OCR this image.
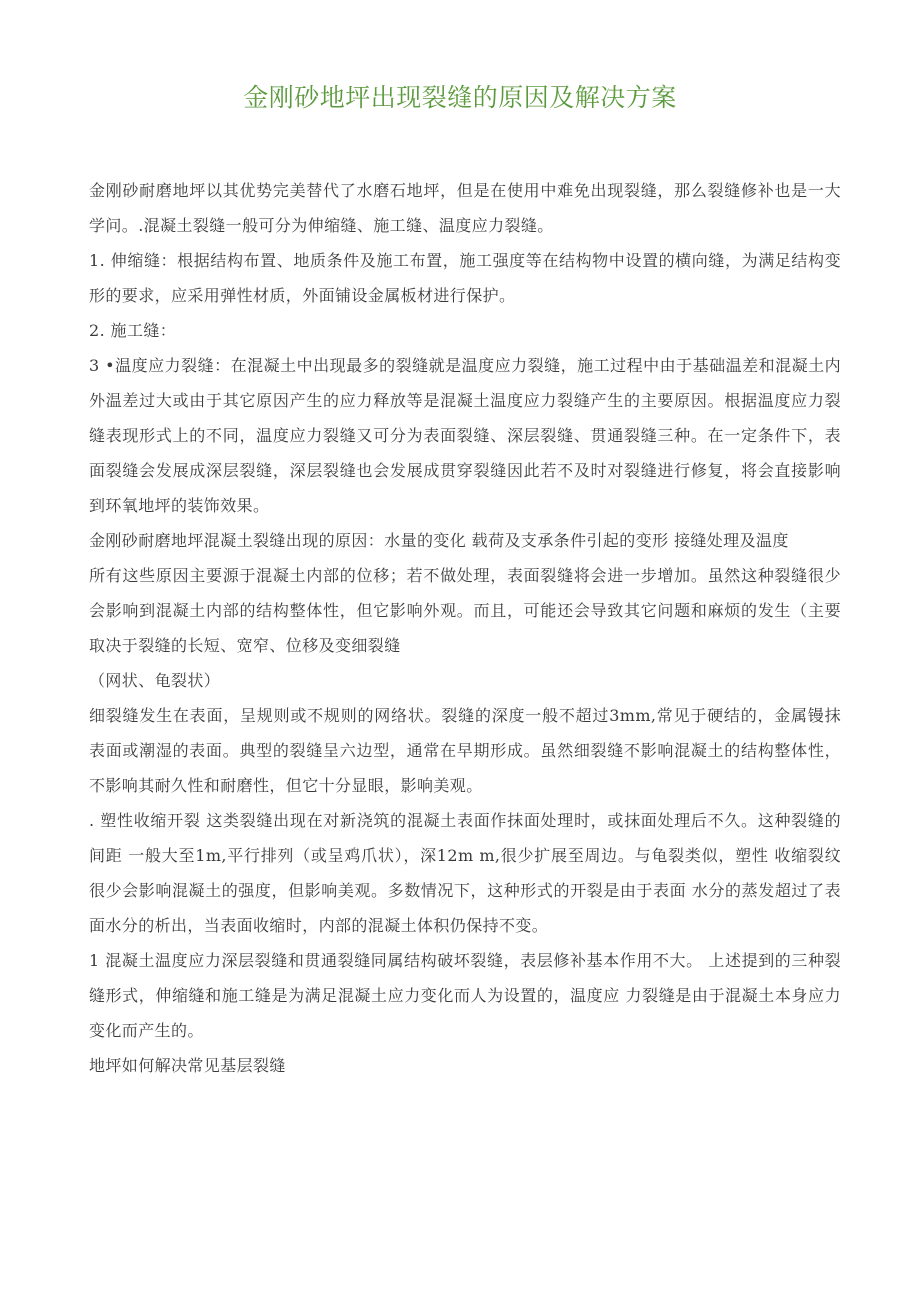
金刚砂地坪出现裂缝的原因及解决方案

金刚砂耐磨地坪以其优势完美替代了水磨石地坪，但是在使用中难免出现裂缝，那么裂缝修补也是一大学问。.混凝土裂缝一般可分为伸缩缝、施工缝、温度应力裂缝。

1. 伸缩缝：根据结构布置、地质条件及施工布置，施工强度等在结构物中设置的横向缝，为满足结构变形的要求，应采用弹性材质，外面铺设金属板材进行保护。

2. 施工缝：

3 •温度应力裂缝：在混凝土中出现最多的裂缝就是温度应力裂缝，施工过程中由于基础温差和混凝土内外温差过大或由于其它原因产生的应力释放等是混凝土温度应力裂缝产生的主要原因。根据温度应力裂缝表现形式上的不同，温度应力裂缝又可分为表面裂缝、深层裂缝、贯通裂缝三种。在一定条件下，表面裂缝会发展成深层裂缝，深层裂缝也会发展成贯穿裂缝因此若不及时对裂缝进行修复，将会直接影响到环氧地坪的装饰效果。

金刚砂耐磨地坪混凝土裂缝出现的原因：水量的变化 载荷及支承条件引起的变形 接缝处理及温度

所有这些原因主要源于混凝土内部的位移；若不做处理，表面裂缝将会进一步增加。虽然这种裂缝很少会影响到混凝土内部的结构整体性，但它影响外观。而且，可能还会导致其它问题和麻烦的发生（主要取决于裂缝的长短、宽窄、位移及变细裂缝

（网状、龟裂状）

细裂缝发生在表面，呈规则或不规则的网络状。裂缝的深度一般不超过3mm,常见于硬结的，金属镘抹表面或潮湿的表面。典型的裂缝呈六边型，通常在早期形成。虽然细裂缝不影响混凝土的结构整体性，不影响其耐久性和耐磨性，但它十分显眼，影响美观。

. 塑性收缩开裂 这类裂缝出现在对新浇筑的混凝土表面作抹面处理时，或抹面处理后不久。这种裂缝的间距 一般大至1m,平行排列（或呈鸡爪状），深12m m,很少扩展至周边。与龟裂类似，塑性 收缩裂纹很少会影响混凝土的强度，但影响美观。多数情况下，这种形式的开裂是由于表面 水分的蒸发超过了表面水分的析出，当表面收缩时，内部的混凝土体积仍保持不变。

1 混凝土温度应力深层裂缝和贯通裂缝同属结构破坏裂缝，表层修补基本作用不大。 上述提到的三种裂缝形式，伸缩缝和施工缝是为满足混凝土应力变化而人为设置的，温度应 力裂缝是由于混凝土本身应力变化而产生的。

地坪如何解决常见基层裂缝
